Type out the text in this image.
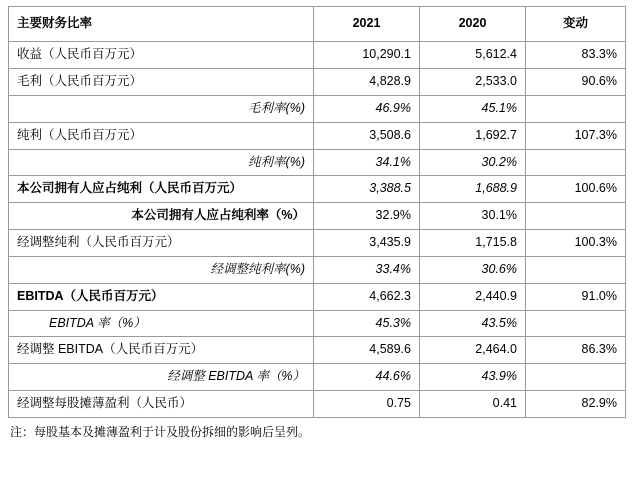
主要财务比率	2021	2020	变动

收益（人民币百万元）	10,290.1	5,612.4	83.3%

毛利（人民币百万元）	4,828.9	2,533.0	90.6%

毛利率(%)	46.9%	45.1%	

纯利（人民币百万元）	3,508.6	1,692.7	107.3%

纯利率(%)	34.1%	30.2%	

本公司拥有人应占纯利（人民币百万元）	3,388.5	1,688.9	100.6%

本公司拥有人应占纯利率（%）	32.9%	30.1%	

经调整纯利（人民币百万元）	3,435.9	1,715.8	100.3%

经调整纯利率(%)	33.4%	30.6%	

EBITDA（人民币百万元）	4,662.3	2,440.9	91.0%

EBITDA 率（%）	45.3%	43.5%	

经调整 EBITDA（人民币百万元）	4,589.6	2,464.0	86.3%

经调整 EBITDA 率（%）	44.6%	43.9%	

经调整每股摊薄盈利（人民币）	0.75	0.41	82.9%
注：每股基本及摊薄盈利于计及股份拆细的影响后呈列。
